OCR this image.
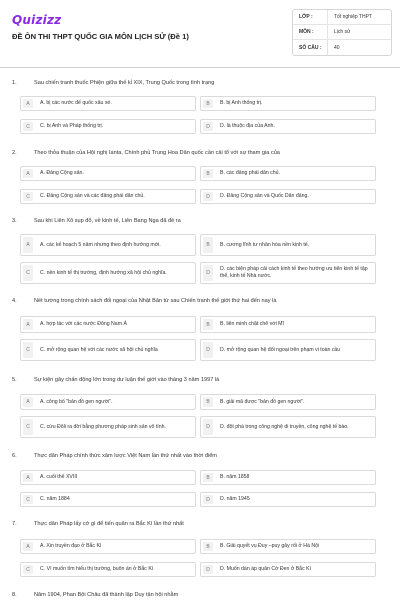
Quizizz
ĐỀ ÔN THI THPT QUỐC GIA MÔN LỊCH SỬ (Đề 1)
LỚP :	Tốt nghiệp THPT
MÔN :	Lịch sử
SỐ CÂU :	40
1.	Sau chiến tranh thuốc Phiện giữa thế kỉ XIX, Trung Quốc trong tình trạng
A	A. bị các nước đế quốc xâu xé.	B	B. bị Anh thống trị.
C	C. bị Anh và Pháp thống trị.	D	D. là thuộc địa của Anh.
2.	Theo thỏa thuận của Hội nghị Ianta, Chính phủ Trung Hoa Dân quốc cần cải tổ với sự tham gia của
A	A. Đảng Cộng sản.	B	B. các đảng phái dân chủ.
C	C. Đảng Cộng sản và các đảng phái dân chủ.	D	D. Đảng Cộng sản và Quốc Dân đảng.
3.	Sau khi Liên Xô sụp đổ, về kinh tế, Liên Bang Nga đã đề ra
A	A. các kế hoạch 5 năm nhưng theo định hướng mới.	B	B. cương lĩnh tư nhân hóa nền kinh tế.
C	C. nền kinh tế thị trường, định hướng xã hội chủ nghĩa.	D
D. các biện pháp cải cách kinh tế theo hướng ưu tiên kinh tế tập thể, kinh tế Nhà nước.
4.	Nét tương trong chính sách đối ngoại của Nhật Bản từ sau Chiến tranh thế giới thứ hai đến nay là
A	A. hợp tác với các nước Đông Nam Á	B	B. liên minh chặt chẽ với Mĩ
C	C. mở rộng quan hệ với các nước xã hội chủ nghĩa	D	D. mở rộng quan hệ đối ngoại trên phạm vi toàn cầu
5.	Sự kiện gây chấn động lớn trong dư luận thế giới vào tháng 3 năm 1997 là
A	A. công bố "bản đồ gen người".	B	B. giải mã được "bản đồ gen người".
C	C. cừu Đôli ra đời bằng phương pháp sinh sản vô tính.	D	D. đột phá trong công nghệ di truyền, công nghệ tế bào.
6.	Thực dân Pháp chính thức xâm lược Việt Nam lần thứ nhất vào thời điểm
A	A. cuối thế XVIII	B	B. năm 1858
C	C. năm 1884	D	D. năm 1945
7.	Thực dân Pháp lấy cớ gì để tiến quân ra Bắc Kì lần thứ nhất
A	A. Xin truyền đạo ở Bắc Kì	B	B. Giải quyết vụ Đuy –puy gây rối ở Hà Nội
C	C. Vì muốn tìm hiểu thị trường, buôn án ở Bắc Kì	D	D. Muốn dàn áp quân Cờ Đen ở Bắc Kì
8.	Năm 1904, Phan Bội Châu đã thành lập Duy tân hội nhằm
